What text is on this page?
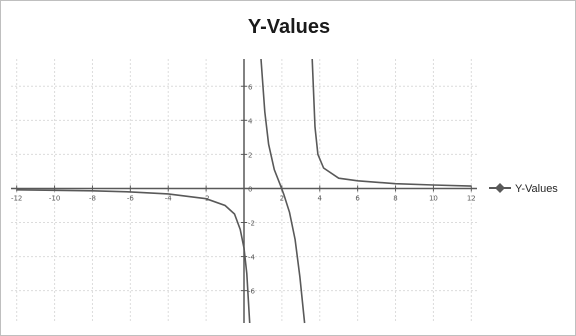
Y-Values
-12	-10	-8	-6	-4	-2	2	4	6	8	10	12
-6
-4
-2
0
2
4
6
Y-Values
